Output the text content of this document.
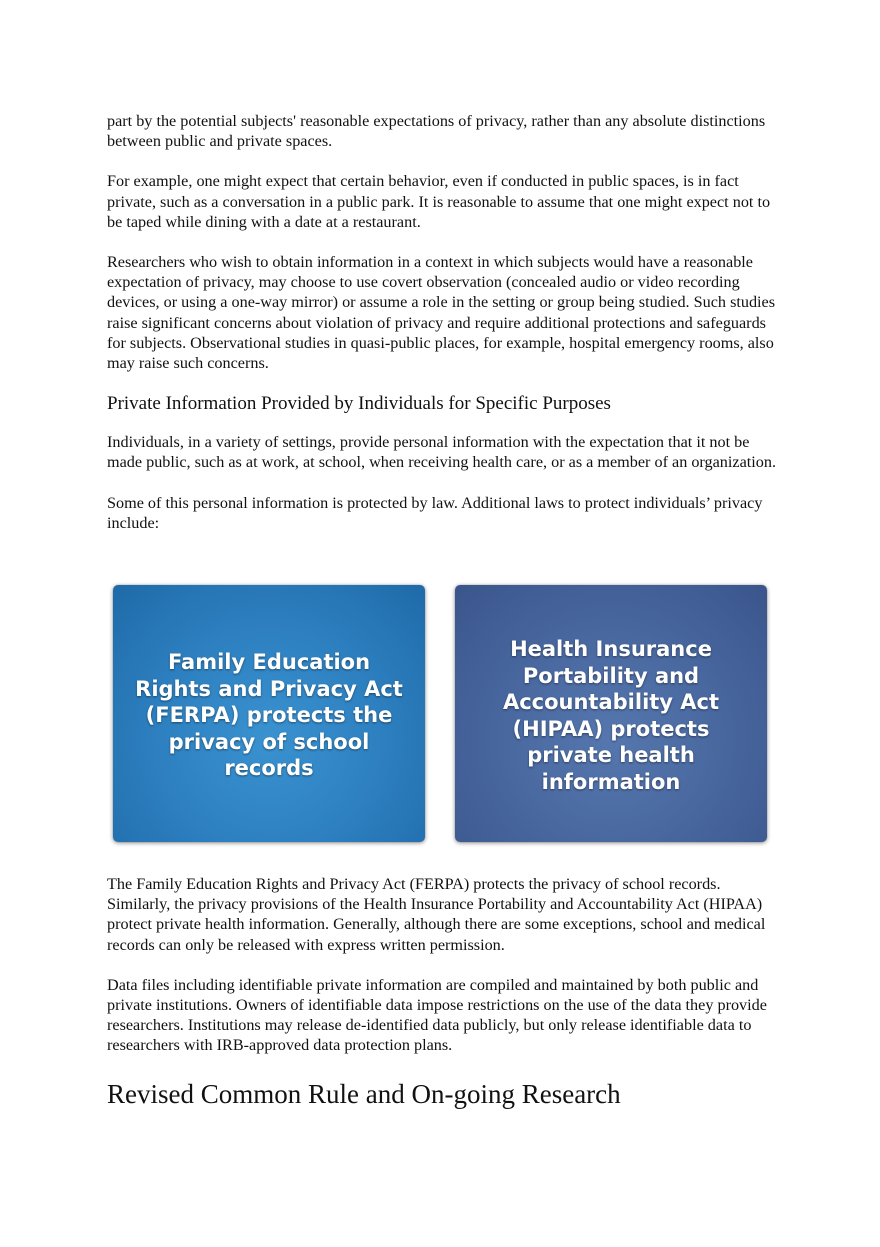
part by the potential subjects' reasonable expectations of privacy, rather than any absolute distinctions between public and private spaces.

For example, one might expect that certain behavior, even if conducted in public spaces, is in fact private, such as a conversation in a public park. It is reasonable to assume that one might expect not to be taped while dining with a date at a restaurant.

Researchers who wish to obtain information in a context in which subjects would have a reasonable expectation of privacy, may choose to use covert observation (concealed audio or video recording devices, or using a one-way mirror) or assume a role in the setting or group being studied. Such studies raise significant concerns about violation of privacy and require additional protections and safeguards for subjects. Observational studies in quasi-public places, for example, hospital emergency rooms, also may raise such concerns.

Private Information Provided by Individuals for Specific Purposes

Individuals, in a variety of settings, provide personal information with the expectation that it not be made public, such as at work, at school, when receiving health care, or as a member of an organization.

Some of this personal information is protected by law. Additional laws to protect individuals’ privacy include:

Family Education Rights and Privacy Act (FERPA) protects the privacy of school records
Health Insurance Portability and Accountability Act (HIPAA) protects private health information

The Family Education Rights and Privacy Act (FERPA) protects the privacy of school records. Similarly, the privacy provisions of the Health Insurance Portability and Accountability Act (HIPAA) protect private health information. Generally, although there are some exceptions, school and medical records can only be released with express written permission.

Data files including identifiable private information are compiled and maintained by both public and private institutions. Owners of identifiable data impose restrictions on the use of the data they provide researchers. Institutions may release de-identified data publicly, but only release identifiable data to researchers with IRB-approved data protection plans.

Revised Common Rule and On-going Research
